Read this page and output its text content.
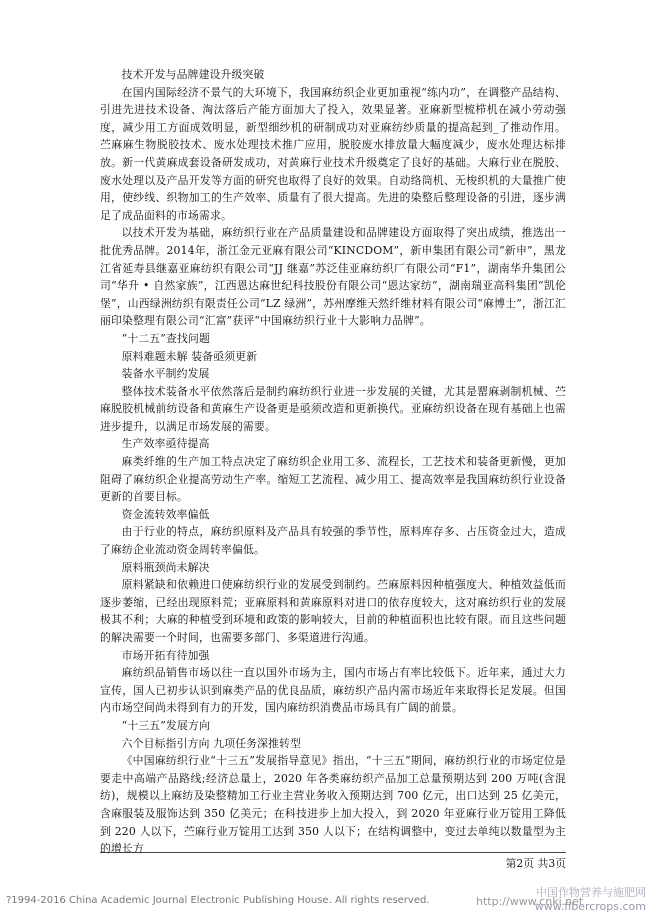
技术开发与品牌建设升级突破

在国内国际经济不景气的大环境下，我国麻纺织企业更加重视“练内功”，在调整产品结构、引进先进技术设备、淘汰落后产能方面加大了投入，效果显著。亚麻新型梳栉机在减小劳动强度，减少用工方面成效明显，新型细纱机的研制成功对亚麻纺纱质量的提高起到_了推动作用。苎麻麻生物脱胶技术、废水处理技术推广应用，脱胶废水排放量大幅度减少，废水处理达标排放。新一代黄麻成套设备研发成功，对黄麻行业技术升级奠定了良好的基础。大麻行业在脱胶、废水处理以及产品开发等方面的研究也取得了良好的效果。自动络筒机、无梭织机的大量推广使用，使纱线、织物加工的生产效率、质量有了很大提高。先进的染整后整理设备的引进，逐步满足了成品面料的市场需求。

以技术开发为基础，麻纺织行业在产品质量建设和品牌建设方面取得了突出成绩，推选出一批优秀品牌。2014年，浙江金元亚麻有限公司“KINCDOM”，新申集团有限公司“新申”，黑龙江省延寿县继嘉亚麻纺织有限公司“JJ 继嘉”苏泛佳亚麻纺织厂有限公司“F1”，湖南华升集团公司“华升 • 自然家族”，江西恩达麻世纪科技股份有限公司“恩达家纺”，湖南瑞亚高科集团“凯伦堡”，山西绿洲纺织有限责任公司“LZ 绿洲”，苏州摩维天然纤维材料有限公司“麻博士”，浙江汇丽印染整理有限公司“汇富”获评“中国麻纺织行业十大影响力品牌”。

“十二五”查找问题

原料难题未解 装备亟须更新

装备水平制约发展

整体技术装备水平依然落后是制约麻纺织行业进一步发展的关键，尤其是罂麻剥制机械、苎麻脱胶机械前纺设备和黄麻生产设备更是亟须改造和更新换代。亚麻纺织设备在现有基础上也需进步提升，以满足市场发展的需要。

生产效率亟待提高

麻类纤维的生产加工特点决定了麻纺织企业用工多、流程长，工艺技术和装备更新慢，更加阻碍了麻纺织企业提高劳动生产率。缩短工艺流程、减少用工、提高效率是我国麻纺织行业设备更新的首要目标。

资金流转效率偏低

由于行业的特点，麻纺织原料及产品具有较强的季节性，原料库存多、占压资金过大，造成了麻纺企业流动资金周转率偏低。

原料瓶颈尚未解决

原料紧缺和依赖进口使麻纺织行业的发展受到制约。苎麻原料因种植强度大、种植效益低而逐步萎缩，已经出现原料荒；亚麻原料和黄麻原料对进口的依存度较大，这对麻纺织行业的发展极其不利；大麻的种植受到环境和政策的影响较大，目前的种植面积也比较有限。而且这些问题的解决需要一个时间，也需要多部门、多渠道进行沟通。

市场开拓有待加强

麻纺织品销售市场以往一直以国外市场为主，国内市场占有率比较低下。近年来，通过大力宣传，国人已初步认识到麻类产品的优良品质，麻纺织产品内需市场近年来取得长足发展。但国内市场空间尚未得到有力的开发，国内麻纺织消费品市场具有广阔的前景。

“十三五”发展方向

六个目标指引方向 九项任务深推转型

《中国麻纺织行业“十三五”发展指导意见》指出，“十三五”期间，麻纺织行业的市场定位是要走中高端产品路线;经济总量上，2020 年各类麻纺织产品加工总量预期达到 200 万吨(含混纺)，规模以上麻纺及染整精加工行业主营业务收入预期达到 700 亿元，出口达到 25 亿美元，含麻服装及服饰达到 350 亿美元；在科技进步上加大投入，到 2020 年亚麻行业万锭用工降低到 220 人以下，苎麻行业万锭用工达到 350 人以下；在结构调整中，变过去单纯以数量型为主的增长方

第2页 共3页
?1994-2016 China Academic Journal Electronic Publishing House. All rights reserved.	http://www.cnki.net
中国作物营养与施肥网
www.fibercrops.com
